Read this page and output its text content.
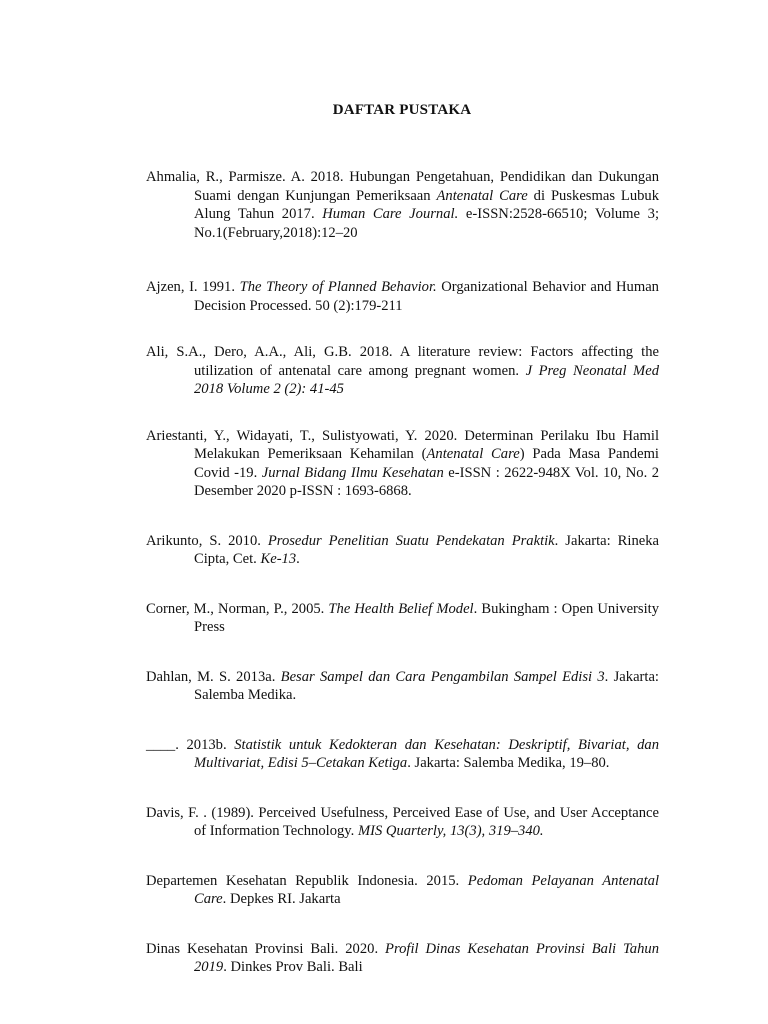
DAFTAR PUSTAKA

Ahmalia, R., Parmisze. A. 2018. Hubungan Pengetahuan, Pendidikan dan Dukungan Suami dengan Kunjungan Pemeriksaan Antenatal Care di Puskesmas Lubuk Alung Tahun 2017. Human Care Journal. e-ISSN:2528-66510; Volume 3; No.1(February,2018):12–20

Ajzen, I. 1991. The Theory of Planned Behavior. Organizational Behavior and Human Decision Processed. 50 (2):179-211

Ali, S.A., Dero, A.A., Ali, G.B. 2018. A literature review: Factors affecting the utilization of antenatal care among pregnant women. J Preg Neonatal Med 2018 Volume 2 (2): 41-45

Ariestanti, Y., Widayati, T., Sulistyowati, Y. 2020. Determinan Perilaku Ibu Hamil Melakukan Pemeriksaan Kehamilan (Antenatal Care) Pada Masa Pandemi Covid -19. Jurnal Bidang Ilmu Kesehatan e-ISSN : 2622-948X Vol. 10, No. 2 Desember 2020 p-ISSN : 1693-6868.

Arikunto, S. 2010. Prosedur Penelitian Suatu Pendekatan Praktik. Jakarta: Rineka Cipta, Cet. Ke-13.

Corner, M., Norman, P., 2005. The Health Belief Model. Bukingham : Open University Press

Dahlan, M. S. 2013a. Besar Sampel dan Cara Pengambilan Sampel Edisi 3. Jakarta: Salemba Medika.

____. 2013b. Statistik untuk Kedokteran dan Kesehatan: Deskriptif, Bivariat, dan Multivariat, Edisi 5–Cetakan Ketiga. Jakarta: Salemba Medika, 19–80.

Davis, F. . (1989). Perceived Usefulness, Perceived Ease of Use, and User Acceptance of Information Technology. MIS Quarterly, 13(3), 319–340.

Departemen Kesehatan Republik Indonesia. 2015. Pedoman Pelayanan Antenatal Care. Depkes RI. Jakarta

Dinas Kesehatan Provinsi Bali. 2020. Profil Dinas Kesehatan Provinsi Bali Tahun 2019. Dinkes Prov Bali. Bali
